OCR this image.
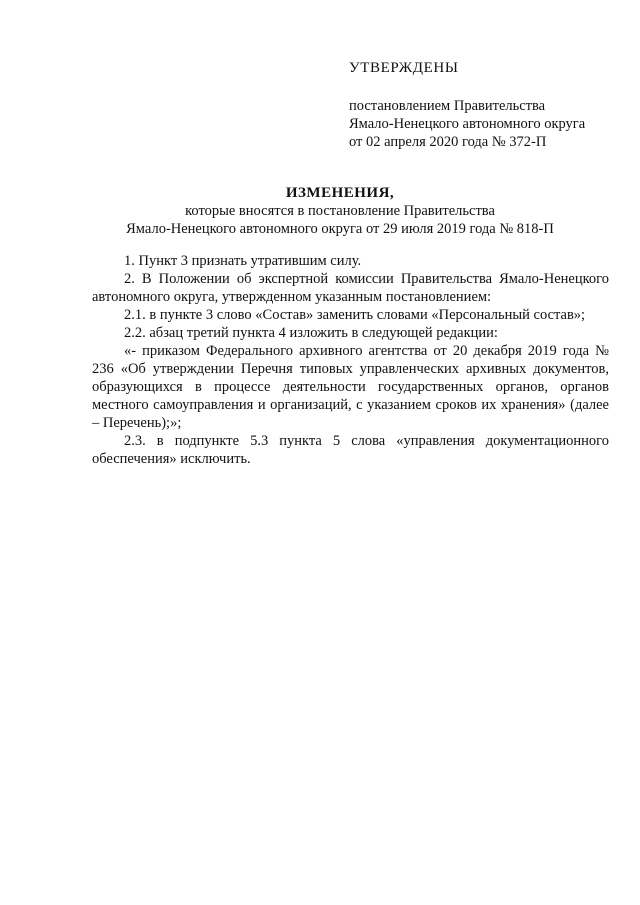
УТВЕРЖДЕНЫ
постановлением Правительства
Ямало-Ненецкого автономного округа
от 02 апреля 2020 года № 372-П
ИЗМЕНЕНИЯ,
которые вносятся в постановление Правительства
Ямало-Ненецкого автономного округа от 29 июля 2019 года № 818-П

1. Пункт 3 признать утратившим силу.

2. В Положении об экспертной комиссии Правительства Ямало-Ненецкого автономного округа, утвержденном указанным постановлением:

2.1. в пункте 3 слово «Состав» заменить словами «Персональный состав»;

2.2. абзац третий пункта 4 изложить в следующей редакции:

«- приказом Федерального архивного агентства от 20 декабря 2019 года № 236 «Об утверждении Перечня типовых управленческих архивных документов, образующихся в процессе деятельности государственных органов, органов местного самоуправления и организаций, с указанием сроков их хранения» (далее – Перечень);»;

2.3. в подпункте 5.3 пункта 5 слова «управления документационного обеспечения» исключить.
